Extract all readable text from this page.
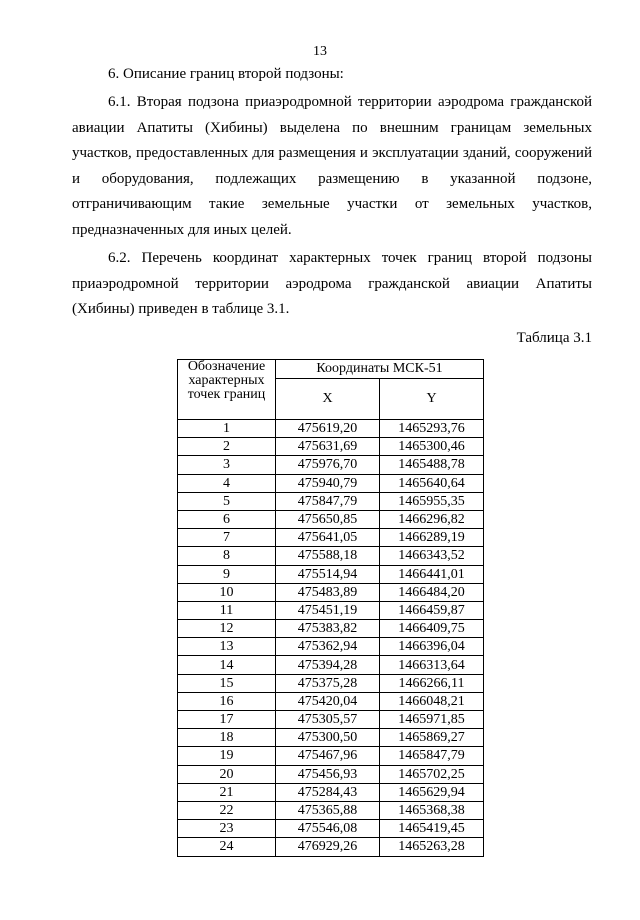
13
6. Описание границ второй подзоны:

6.1. Вторая подзона приаэродромной территории аэродрома гражданской авиации Апатиты (Хибины) выделена по внешним границам земельных участков, предоставленных для размещения и эксплуатации зданий, сооружений и оборудования, подлежащих размещению в указанной подзоне, отграничивающим такие земельные участки от земельных участков, предназначенных для иных целей.

6.2. Перечень координат характерных точек границ второй подзоны приаэродромной территории аэродрома гражданской авиации Апатиты (Хибины) приведен в таблице 3.1.

Таблица 3.1
Обозначение характерных точек границ	Координаты МСК-51	
	X	Y
1	475619,20	1465293,76
2	475631,69	1465300,46
3	475976,70	1465488,78
4	475940,79	1465640,64
5	475847,79	1465955,35
6	475650,85	1466296,82
7	475641,05	1466289,19
8	475588,18	1466343,52
9	475514,94	1466441,01
10	475483,89	1466484,20
11	475451,19	1466459,87
12	475383,82	1466409,75
13	475362,94	1466396,04
14	475394,28	1466313,64
15	475375,28	1466266,11
16	475420,04	1466048,21
17	475305,57	1465971,85
18	475300,50	1465869,27
19	475467,96	1465847,79
20	475456,93	1465702,25
21	475284,43	1465629,94
22	475365,88	1465368,38
23	475546,08	1465419,45
24	476929,26	1465263,28
